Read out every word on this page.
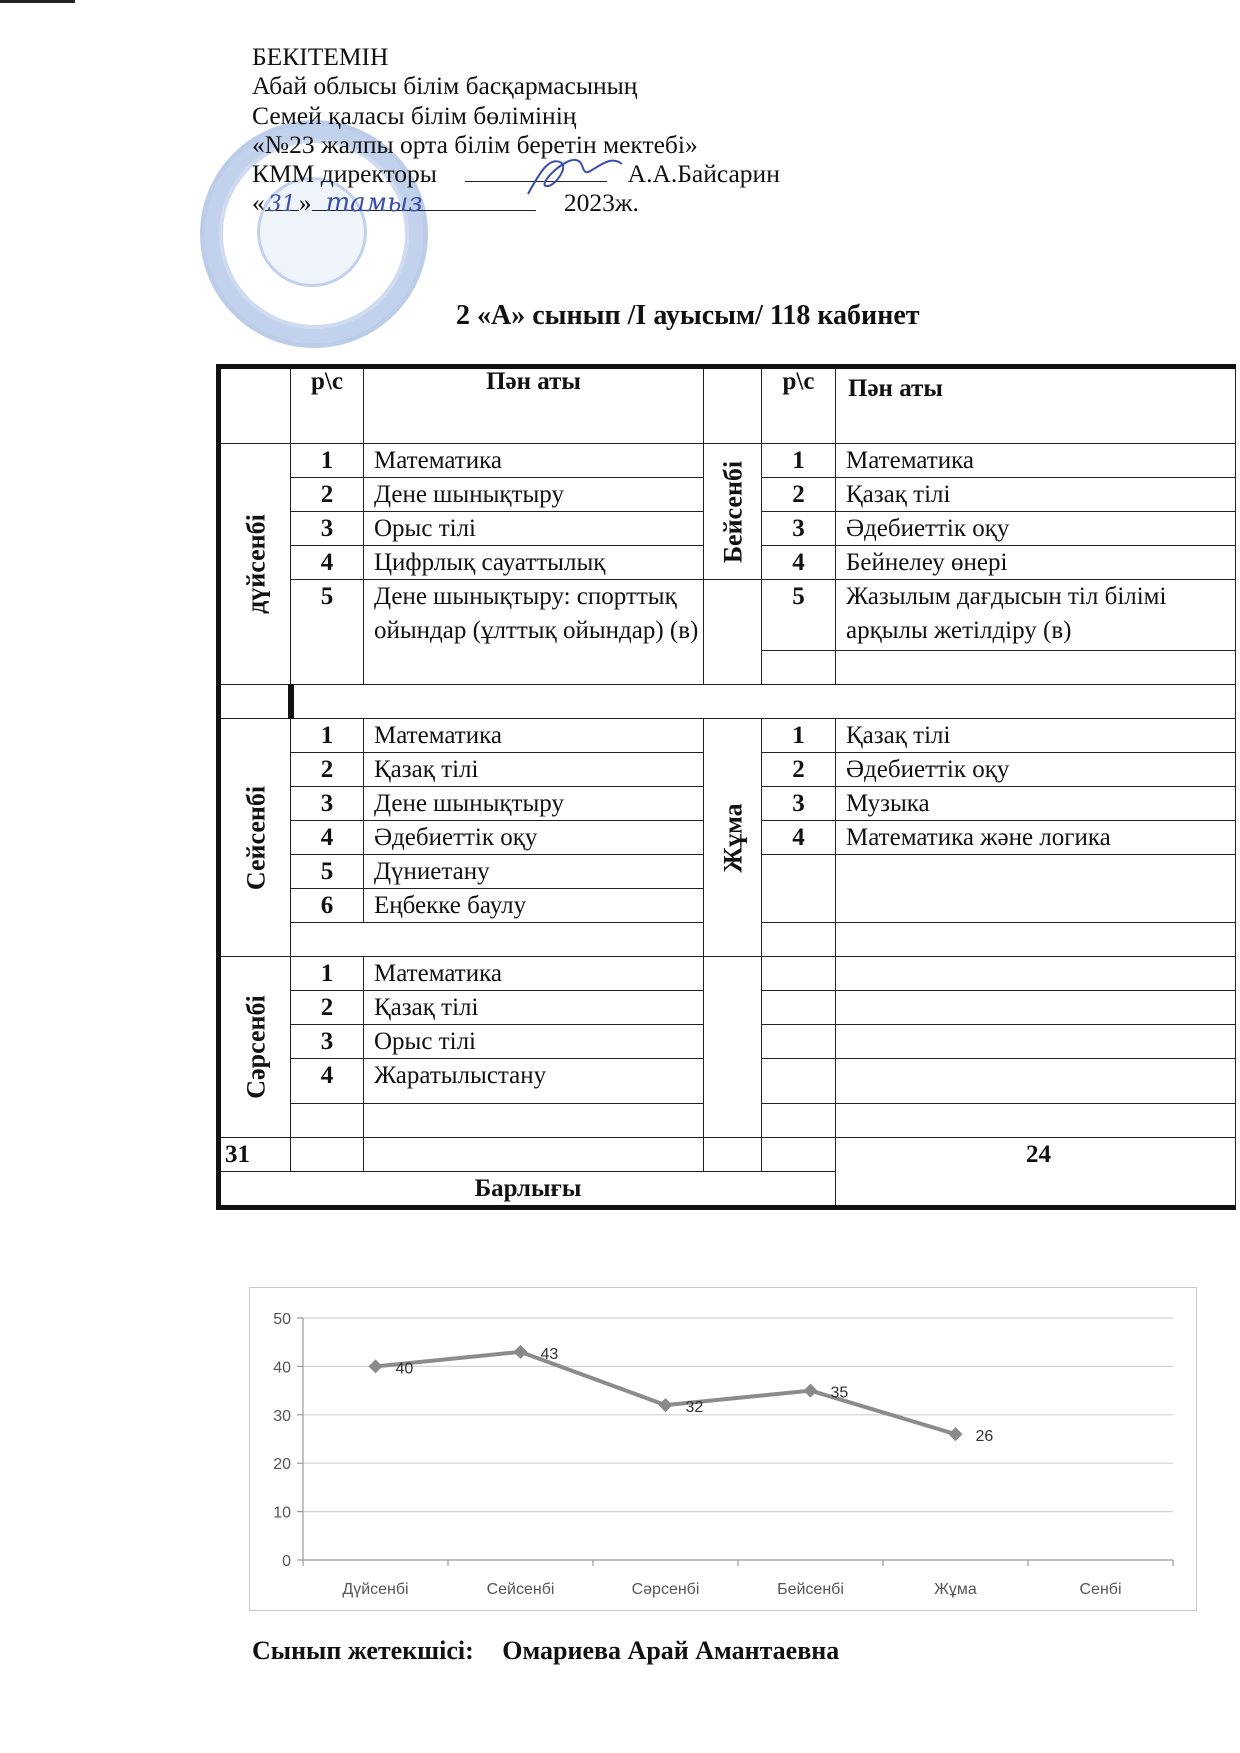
БЕКІТЕМІН
Абай облысы білім басқармасының
Семей қаласы білім бөлімінің
«№23 жалпы орта білім беретін мектебі»
КММ директоры	А.А.Байсарин
« 31 » тамыз	2023ж.
2 «А» сынып /І ауысым/ 118 кабинет
	р\с	Пән аты		р\с	Пән аты

дүйсенбі	1	Математика	Бейсенбі	1	Математика
	2	Дене шынықтыру		2	Қазақ тілі
	3	Орыс тілі		3	Әдебиеттік оқу
	4	Цифрлық сауаттылық		4	Бейнелеу өнері
	5	Дене шынықтыру: спорттық ойындар (ұлттық ойындар) (в)		5	Жазылым дағдысын тіл білімі арқылы жетілдіру (в)

Сейсенбі	1	Математика	Жұма	1	Қазақ тілі
	2	Қазақ тілі		2	Әдебиеттік оқу
	3	Дене шынықтыру		3	Музыка
	4	Әдебиеттік оқу		4	Математика және логика
	5	Дүниетану			
	6	Еңбекке баулу			

Сәрсенбі	1	Математика			
	2	Қазақ тілі			
	3	Орыс тілі			
	4	Жаратылыстану			

31					24
Барлығы					
0
10
20
30
40
50
Дүйсенбі	Сейсенбі	Сәрсенбі	Бейсенбі	Жұма	Сенбі
40
43
32
35
26
Сынып жетекшісі: Омариева Арай Амантаевна
